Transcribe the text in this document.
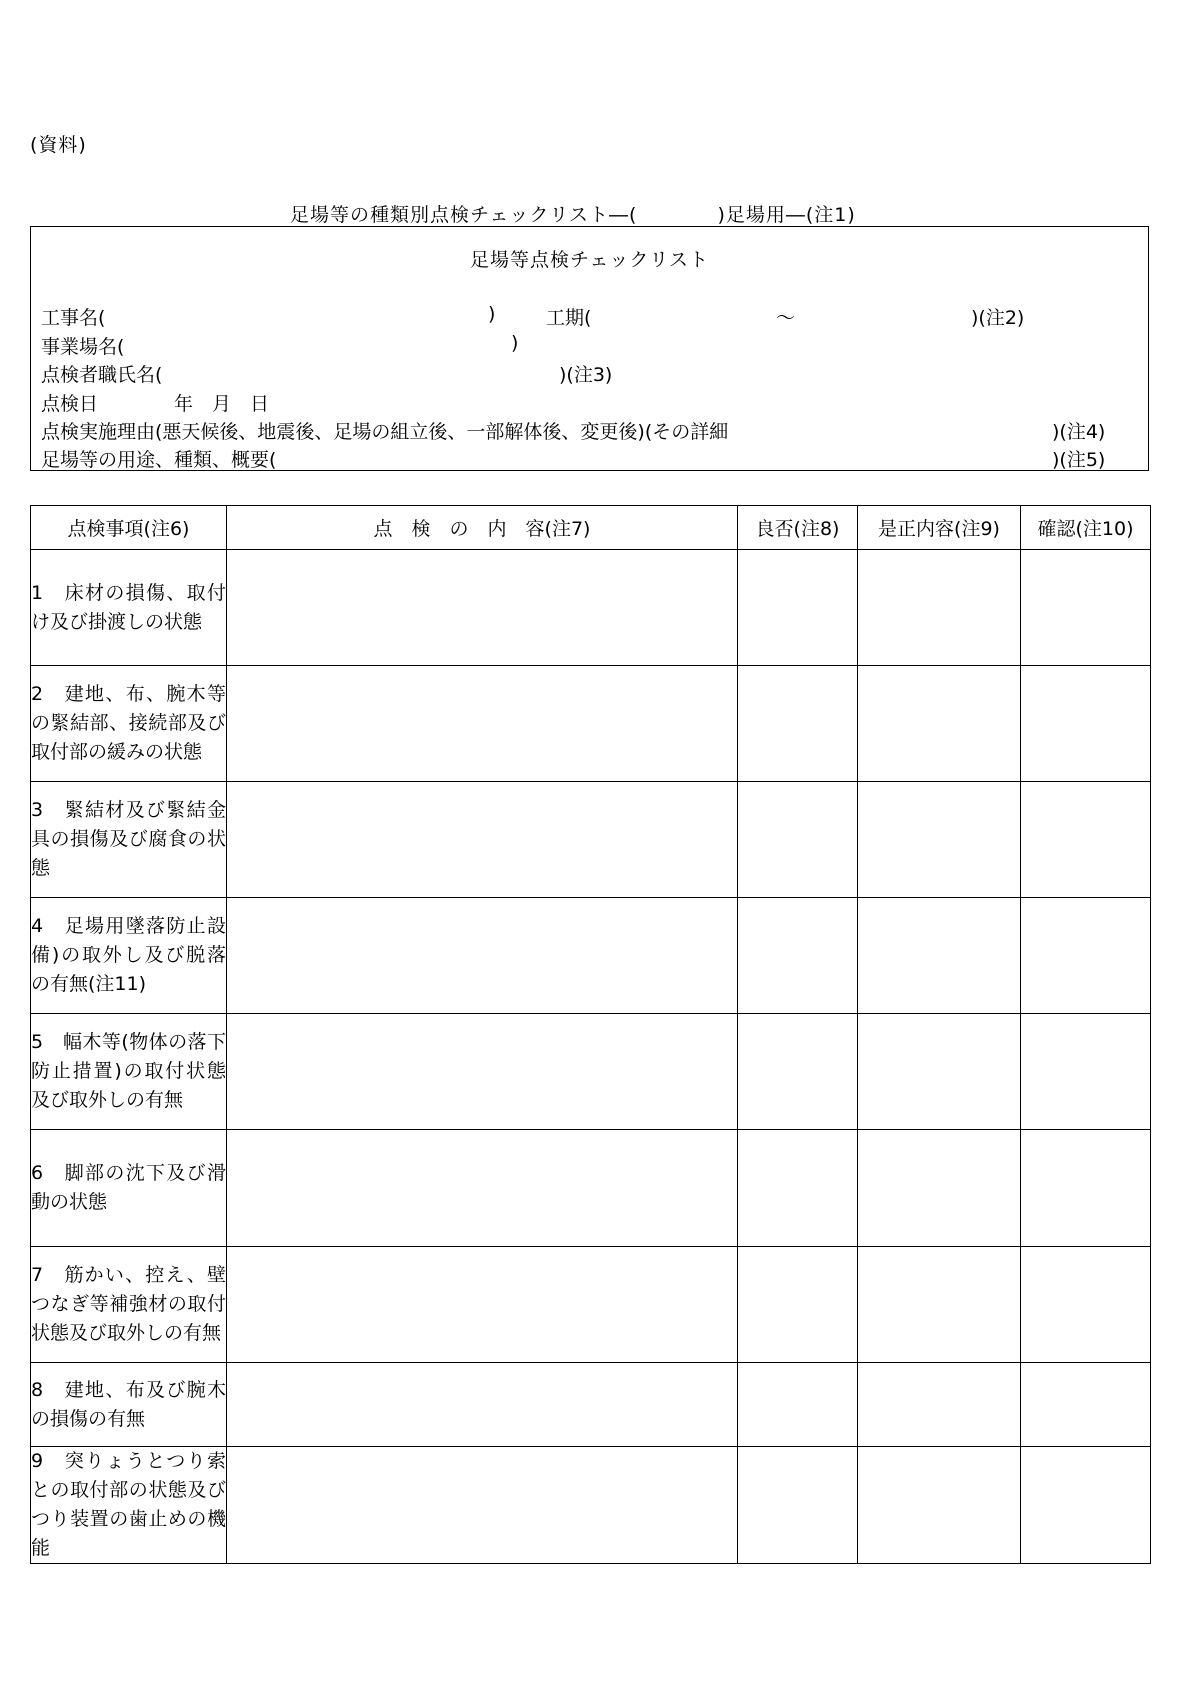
(資料)
足場等の種類別点検チェックリスト―(　　　　)足場用―(注1)
足場等点検チェックリスト
工事名(	)	工期(	～	)(注2)
事業場名(	)
点検者職氏名(	)(注3)
点検日　　　　年　月　日
点検実施理由(悪天候後、地震後、足場の組立後、一部解体後、変更後)(その詳細	)(注4)
足場等の用途、種類、概要(	)(注5)
点検事項(注6)	点　検　の　内　容(注7)	良否(注8)	是正内容(注9)	確認(注10)

1　床材の損傷、取付け及び掛渡しの状態				

2　建地、布、腕木等の緊結部、接続部及び取付部の緩みの状態				

3　緊結材及び緊結金具の損傷及び腐食の状態				

4　足場用墜落防止設備)の取外し及び脱落の有無(注11)				

5　幅木等(物体の落下防止措置)の取付状態及び取外しの有無				

6　脚部の沈下及び滑動の状態				

7　筋かい、控え、壁つなぎ等補強材の取付状態及び取外しの有無				

8　建地、布及び腕木の損傷の有無				

9　突りょうとつり索との取付部の状態及びつり装置の歯止めの機能				
